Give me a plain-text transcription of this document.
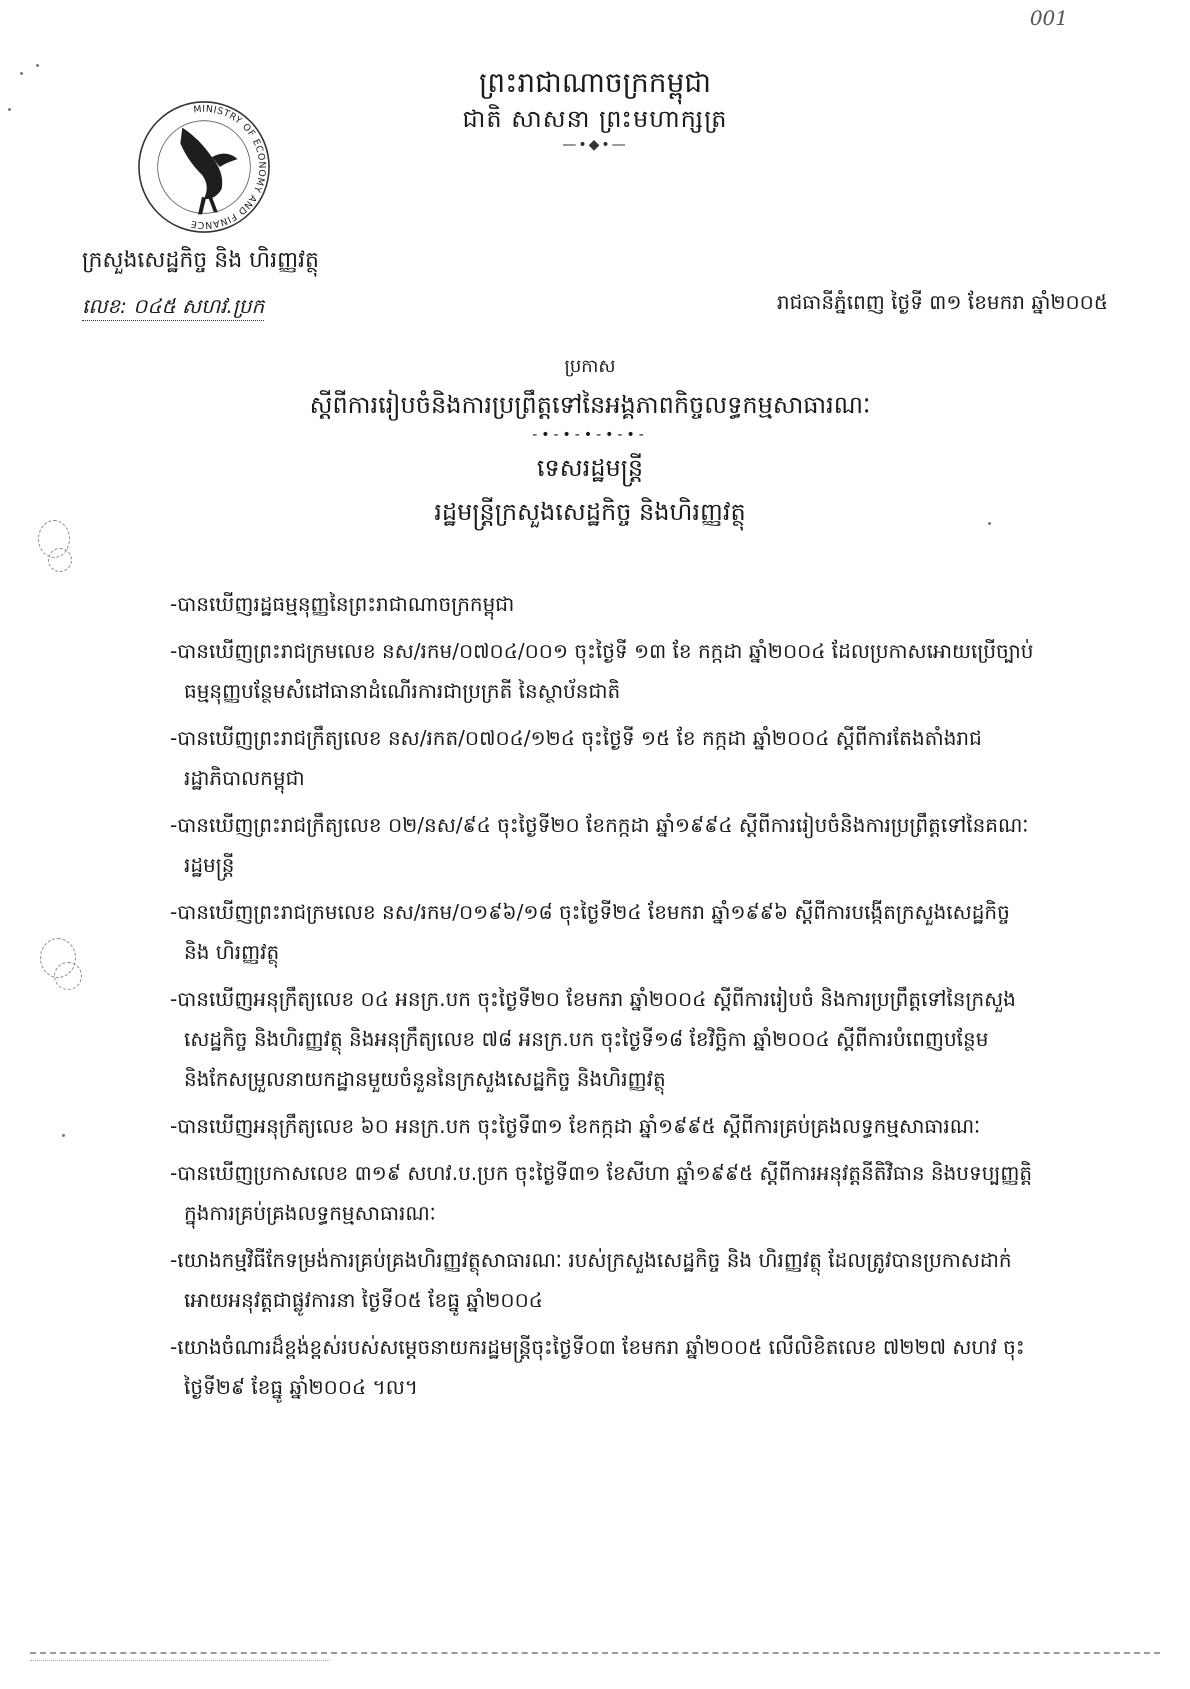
001
MINISTRY OF ECONOMY AND FINANCE
ព្រះរាជាណាចក្រកម្ពុជា
ជាតិ សាសនា ព្រះមហាក្សត្រ
—•◆•—
ក្រសួងសេដ្ឋកិច្ច និង ហិរញ្ញវត្ថុ
លេខ: ០៤៥ សហវ.ប្រក	រាជធានីភ្នំពេញ ថ្ងៃទី ៣១ ខែមករា ឆ្នាំ២០០៥
ប្រកាស
ស្តីពីការរៀបចំនិងការប្រព្រឹត្តទៅនៃអង្គភាពកិច្ចលទ្ធកម្មសាធារណៈ
-•-•-•-•-•-
ទេសរដ្ឋមន្ត្រី
រដ្ឋមន្ត្រីក្រសួងសេដ្ឋកិច្ច និងហិរញ្ញវត្ថុ
- បានឃើញរដ្ឋធម្មនុញ្ញនៃព្រះរាជាណាចក្រកម្ពុជា
- បានឃើញព្រះរាជក្រមលេខ នស/រកម/០៧០៤/០០១ ចុះថ្ងៃទី ១៣ ខែ កក្កដា ឆ្នាំ២០០៤ ដែលប្រកាសអោយប្រើច្បាប់ធម្មនុញ្ញបន្ថែមសំដៅធានាដំណើរការជាប្រក្រតី នៃស្ថាប័នជាតិ
- បានឃើញព្រះរាជក្រឹត្យលេខ នស/រកត/០៧០៤/១២៤ ចុះថ្ងៃទី ១៥ ខែ កក្កដា ឆ្នាំ២០០៤ ស្តីពីការតែងតាំងរាជរដ្ឋាភិបាលកម្ពុជា
- បានឃើញព្រះរាជក្រឹត្យលេខ ០២/នស/៩៤ ចុះថ្ងៃទី២០ ខែកក្កដា ឆ្នាំ១៩៩៤ ស្តីពីការរៀបចំនិងការប្រព្រឹត្តទៅនៃគណៈរដ្ឋមន្ត្រី
- បានឃើញព្រះរាជក្រមលេខ នស/រកម/០១៩៦/១៨ ចុះថ្ងៃទី២៤ ខែមករា ឆ្នាំ១៩៩៦ ស្តីពីការបង្កើតក្រសួងសេដ្ឋកិច្ច និង ហិរញ្ញវត្ថុ
- បានឃើញអនុក្រឹត្យលេខ ០៤ អនក្រ.បក ចុះថ្ងៃទី២០ ខែមករា ឆ្នាំ២០០៤ ស្តីពីការរៀបចំ និងការប្រព្រឹត្តទៅនៃក្រសួងសេដ្ឋកិច្ច និងហិរញ្ញវត្ថុ និងអនុក្រឹត្យលេខ ៧៨ អនក្រ.បក ចុះថ្ងៃទី១៨ ខែវិច្ឆិកា ឆ្នាំ២០០៤ ស្តីពីការបំពេញបន្ថែមនិងកែសម្រួលនាយកដ្ឋានមួយចំនួននៃក្រសួងសេដ្ឋកិច្ច និងហិរញ្ញវត្ថុ
- បានឃើញអនុក្រឹត្យលេខ ៦០ អនក្រ.បក ចុះថ្ងៃទី៣១ ខែកក្កដា ឆ្នាំ១៩៩៥ ស្តីពីការគ្រប់គ្រងលទ្ធកម្មសាធារណៈ
- បានឃើញប្រកាសលេខ ៣១៩ សហវ.ប.ប្រក ចុះថ្ងៃទី៣១ ខែសីហា ឆ្នាំ១៩៩៥ ស្តីពីការអនុវត្តនីតិវិធាន និងបទប្បញ្ញត្តិក្នុងការគ្រប់គ្រងលទ្ធកម្មសាធារណៈ
- យោងកម្មវិធីកែទម្រង់ការគ្រប់គ្រងហិរញ្ញវត្ថុសាធារណៈ របស់ក្រសួងសេដ្ឋកិច្ច និង ហិរញ្ញវត្ថុ ដែលត្រូវបានប្រកាសដាក់អោយអនុវត្តជាផ្លូវការនា ថ្ងៃទី០៥ ខែធ្នូ ឆ្នាំ២០០៤
- យោងចំណារដ៏ខ្ពង់ខ្ពស់របស់សម្តេចនាយករដ្ឋមន្ត្រីចុះថ្ងៃទី០៣ ខែមករា ឆ្នាំ២០០៥ លើលិខិតលេខ ៧២២៧ សហវ ចុះថ្ងៃទី២៩ ខែធ្នូ ឆ្នាំ២០០៤ ។ល។
